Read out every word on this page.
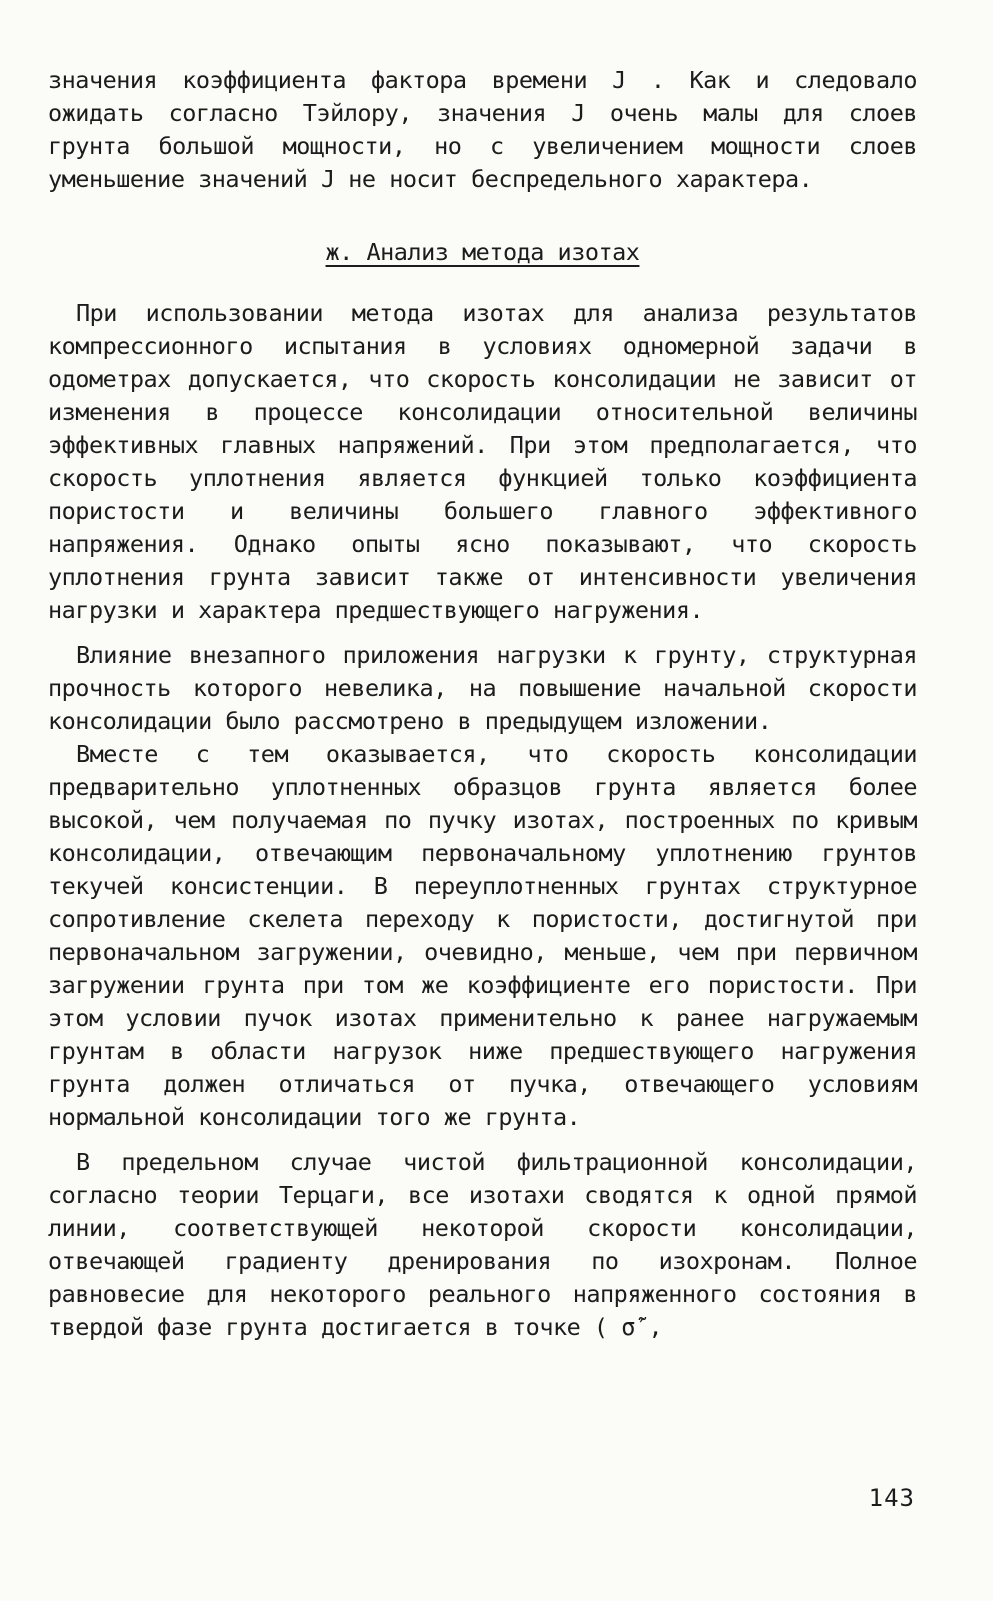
значения коэффициента фактора времени J . Как и следовало ожидать согласно Тэйлору, значения J очень малы для слоев грунта большой мощности, но с увеличением мощности слоев уменьшение значений J не носит беспредельного характера.

ж. Анализ метода изотах

При использовании метода изотах для анализа результатов компрессионного испытания в условиях одномерной задачи в одометрах допускается, что скорость консолидации не зависит от изменения в процессе консолидации относительной величины эффективных главных напряжений. При этом предполагается, что скорость уплотнения является функцией только коэффициента пористости и величины большего главного эффективного напряжения. Однако опыты ясно показывают, что скорость уплотнения грунта зависит также от интенсивности увеличения нагрузки и характера предшествующего нагружения.

Влияние внезапного приложения нагрузки к грунту, структурная прочность которого невелика, на повышение начальной скорости консолидации было рассмотрено в предыдущем изложении.

Вместе с тем оказывается, что скорость консолидации предварительно уплотненных образцов грунта является более высокой, чем получаемая по пучку изотах, построенных по кривым консолидации, отвечающим первоначальному уплотнению грунтов текучей консистенции. В переуплотненных грунтах структурное сопротивление скелета переходу к пористости, достигнутой при первоначальном загружении, очевидно, меньше, чем при первичном загружении грунта при том же коэффициенте его пористости. При этом условии пучок изотах применительно к ранее нагружаемым грунтам в области нагрузок ниже предшествующего нагружения грунта должен отличаться от пучка, отвечающего условиям нормальной консолидации того же грунта.

В предельном случае чистой фильтрационной консолидации, согласно теории Терцаги, все изотахи сводятся к одной прямой линии, соответствующей некоторой скорости консолидации, отвечающей градиенту дренирования по изохронам. Полное равновесие для некоторого реального напряженного состояния в твердой фазе грунта достигается в точке ( σ̃′,

143
